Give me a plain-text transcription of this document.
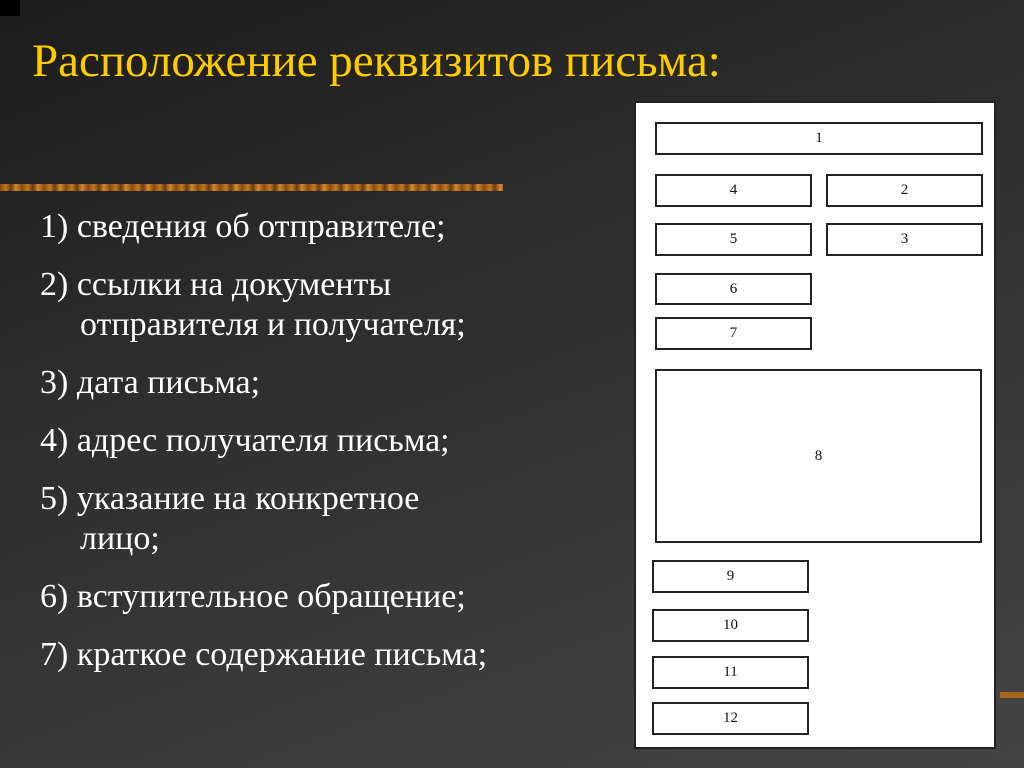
Расположение реквизитов письма:
1) сведения об отправителе;
2) ссылки на документы
отправителя и получателя;
3) дата письма;
4) адрес получателя письма;
5) указание на конкретное
лицо;
6) вступительное обращение;
7) краткое содержание письма;
1
4	2
5	3
6
7
8
9
10
11
12
